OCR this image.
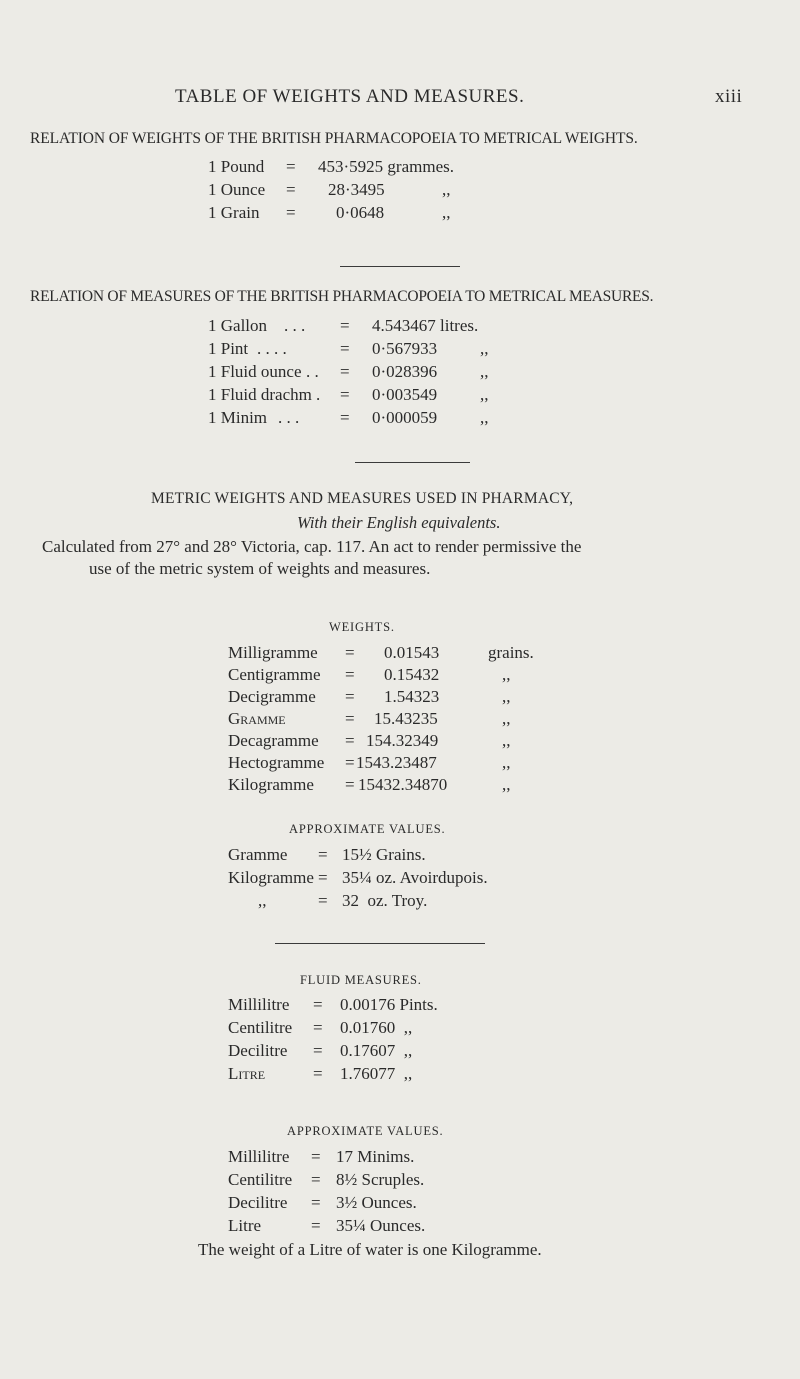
TABLE OF WEIGHTS AND MEASURES.	xiii
RELATION OF WEIGHTS OF THE BRITISH PHARMACOPOEIA TO METRICAL WEIGHTS.
1 Pound = 453·5925 grammes.
1 Ounce = 28·3495	,,
1 Grain = 0·0648	,,
RELATION OF MEASURES OF THE BRITISH PHARMACOPOEIA TO METRICAL MEASURES.
1 Gallon . . . = 4.543467 litres.
1 Pint . . . .	= 0·567933	,,
1 Fluid ounce . . = 0·028396	,,
1 Fluid drachm . = 0·003549	,,
1 Minim . . . = 0·000059	,,
METRIC WEIGHTS AND MEASURES USED IN PHARMACY,
With their English equivalents.
Calculated from 27° and 28° Victoria, cap. 117. An act to render permissive the
use of the metric system of weights and measures.
WEIGHTS.
Milligramme = 0.01543	grains.
Centigramme = 0.15432	,,
Decigramme = 1.54323	,,
Gramme	= 15.43235	,,
Decagramme = 154.32349	,,
Hectogramme = 1543.23487	,,
Kilogramme = 15432.34870	,,
APPROXIMATE VALUES.
Gramme = 15½ Grains.
Kilogramme = 35¼ oz. Avoirdupois.
,,	= 32  oz. Troy.
FLUID MEASURES.
Millilitre = 0.00176 Pints.
Centilitre = 0.01760  ,,
Decilitre = 0.17607  ,,
Litre	= 1.76077  ,,
APPROXIMATE VALUES.
Millilitre = 17 Minims.
Centilitre = 8½ Scruples.
Decilitre = 3½ Ounces.
Litre	= 35¼ Ounces.
The weight of a Litre of water is one Kilogramme.
